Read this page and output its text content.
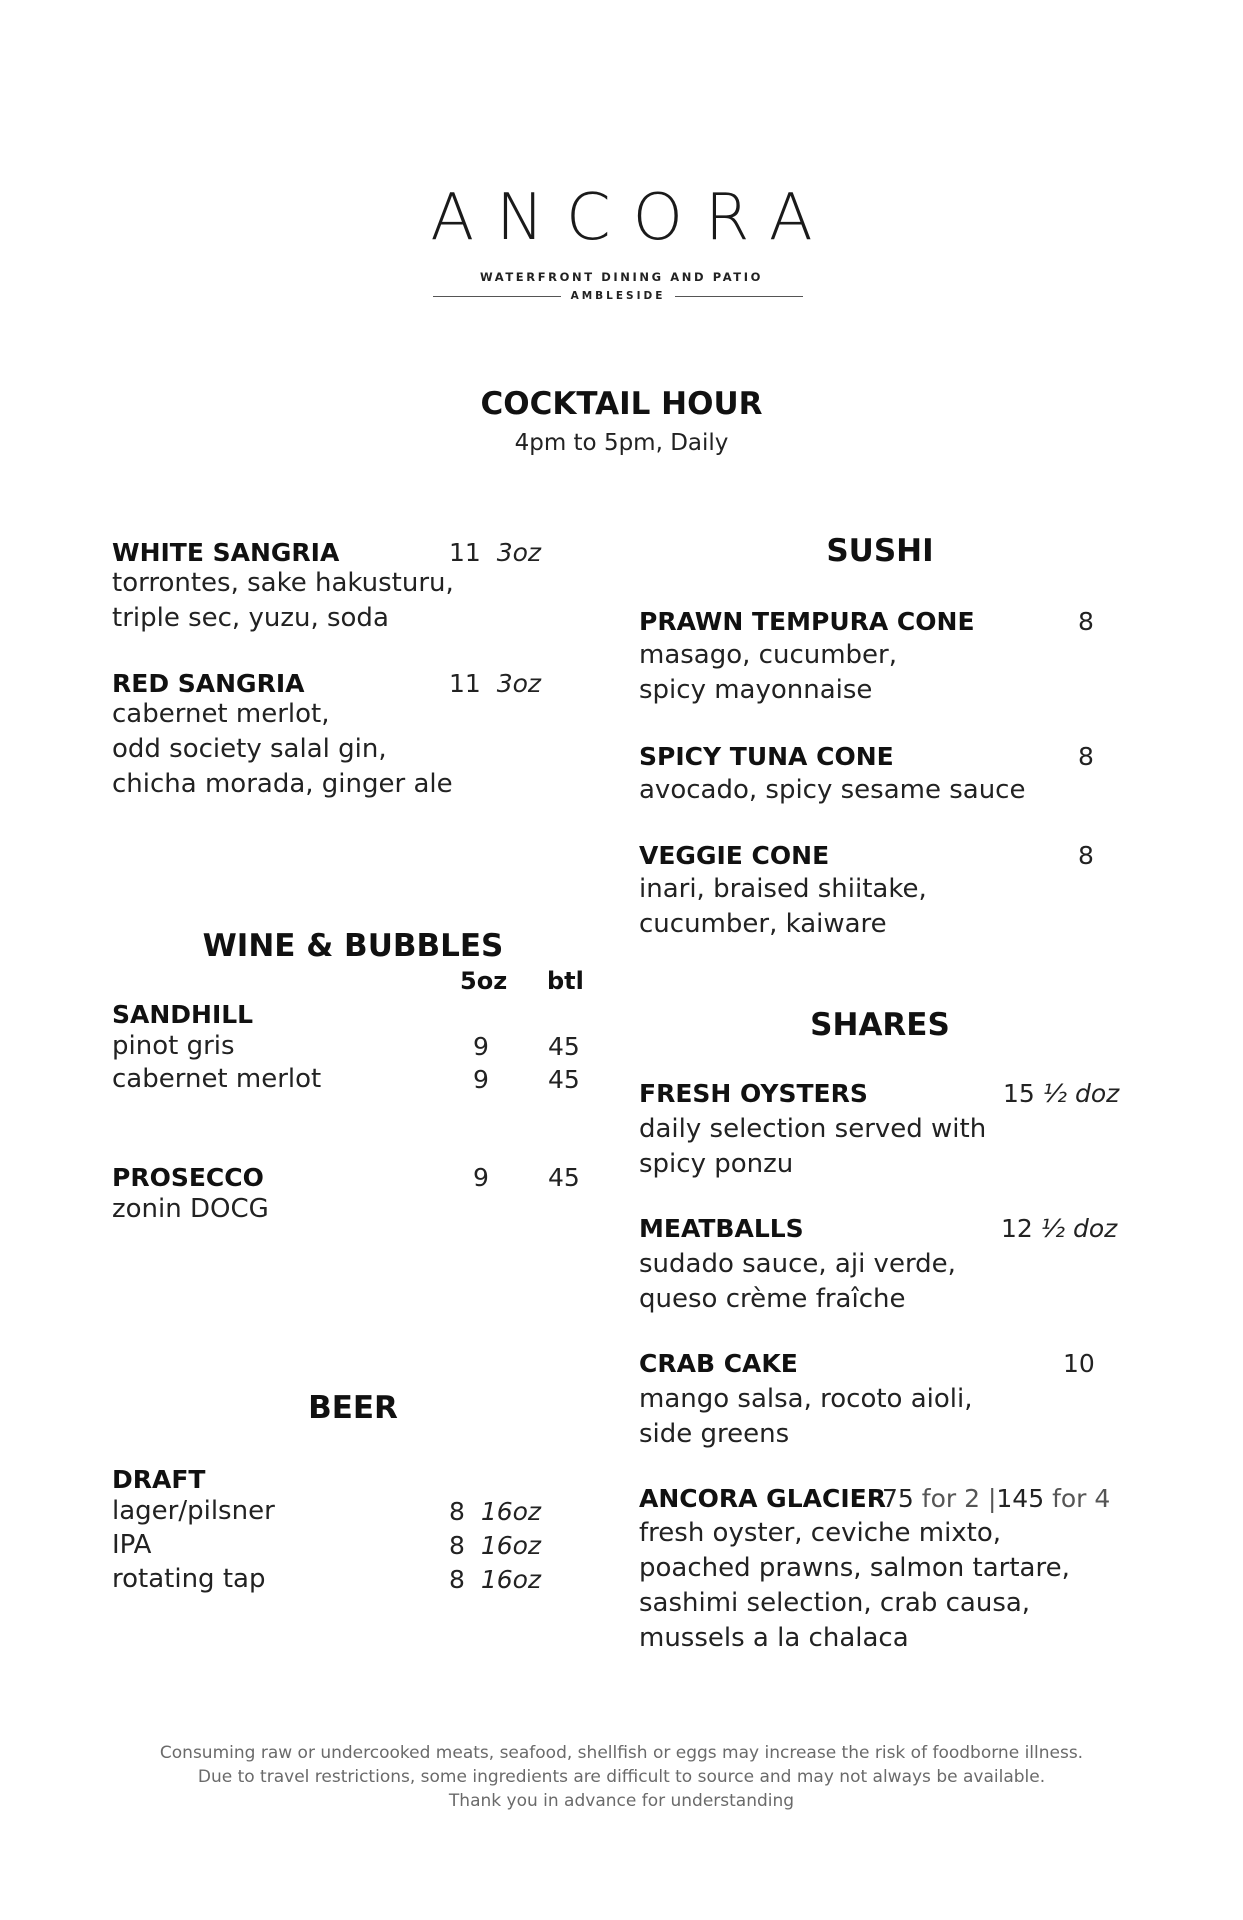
ANCORA
WATERFRONT DINING AND PATIO
AMBLESIDE
COCKTAIL HOUR
4pm to 5pm, Daily
WHITE SANGRIA	11 3oz
torrontes, sake hakusturu,
triple sec, yuzu, soda
RED SANGRIA	11 3oz
cabernet merlot,
odd society salal gin,
chicha morada, ginger ale
WINE & BUBBLES
5oz btl
SANDHILL
pinot gris	9 45
cabernet merlot	9 45
PROSECCO	9 45
zonin DOCG
BEER
DRAFT
lager/pilsner	8 16oz
IPA	8 16oz
rotating tap	8 16oz
SUSHI
PRAWN TEMPURA CONE	8
masago, cucumber,
spicy mayonnaise
SPICY TUNA CONE	8
avocado, spicy sesame sauce
VEGGIE CONE	8
inari, braised shiitake,
cucumber, kaiware
SHARES
FRESH OYSTERS	15 ½ doz
daily selection served with
spicy ponzu
MEATBALLS	12 ½ doz
sudado sauce, aji verde,
queso crème fraîche
CRAB CAKE	10
mango salsa, rocoto aioli,
side greens
ANCORA GLACIER
75 for 2 |145 for 4
fresh oyster, ceviche mixto,
poached prawns, salmon tartare,
sashimi selection, crab causa,
mussels a la chalaca
Consuming raw or undercooked meats, seafood, shellfish or eggs may increase the risk of foodborne illness.
Due to travel restrictions, some ingredients are difficult to source and may not always be available.
Thank you in advance for understanding
